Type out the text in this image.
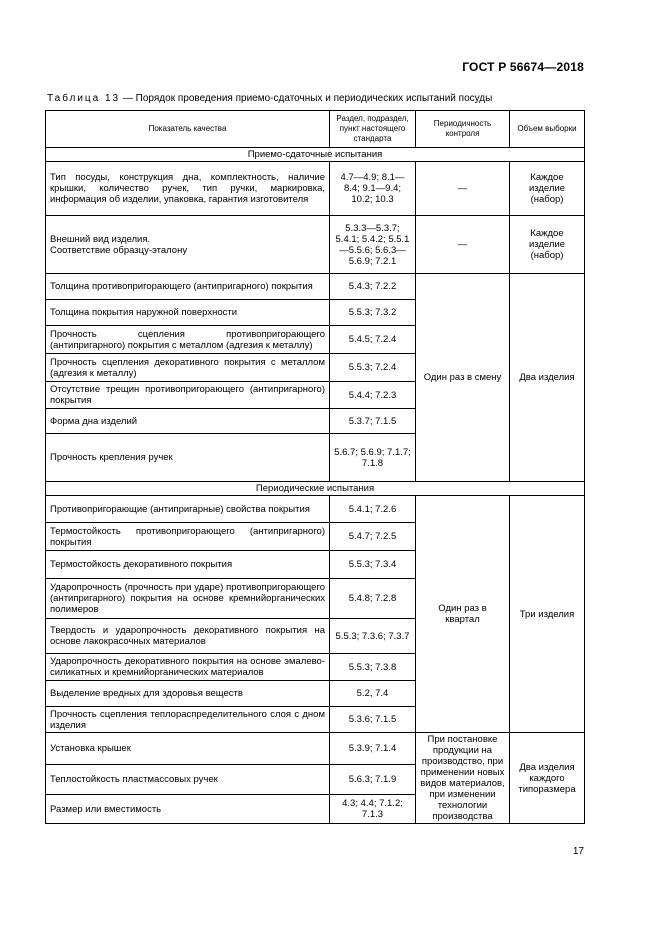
ГОСТ Р 56674—2018
Таблица 13 — Порядок проведения приемо-сдаточных и периодических испытаний посуды
Показатель качества	Раздел, подраздел, пункт настоящего стандарта	Периодичность контроля	Объем выборки
Приемо-сдаточные испытания			
Тип посуды, конструкция дна, комплектность, наличие крышки, количество ручек, тип ручки, маркировка, информация об изделии, упаковка, гарантия изготовителя	4.7—4.9; 8.1—8.4; 9.1—9.4; 10.2; 10.3	—	Каждое изделие (набор)
Внешний вид изделия.
Соответствие образцу-эталону	5.3.3—5.3.7; 5.4.1; 5.4.2; 5.5.1—5.5.6; 5.6.3—5.6.9; 7.2.1	—	Каждое изделие (набор)
Толщина противопригорающего (антипригарного) покрытия	5.4.3; 7.2.2	Один раз в смену	Два изделия
Толщина покрытия наружной поверхности	5.5.3; 7.3.2		
Прочность сцепления противопригорающего (антипригарного) покрытия с металлом (адгезия к металлу)	5.4.5; 7.2.4		
Прочность сцепления декоративного покрытия с металлом (адгезия к металлу)	5.5.3; 7.2.4		
Отсутствие трещин противопригорающего (антипригарного) покрытия	5.4.4; 7.2.3		
Форма дна изделий	5.3.7; 7.1.5		
Прочность крепления ручек	5.6.7; 5.6.9; 7.1.7; 7.1.8		
Периодические испытания			
Противопригорающие (антипригарные) свойства покрытия	5.4.1; 7.2.6	Один раз в квартал	Три изделия
Термостойкость противопригорающего (антипригарного) покрытия	5.4.7; 7.2.5		
Термостойкость декоративного покрытия	5.5.3; 7.3.4		
Ударопрочность (прочность при ударе) противопригорающего (антипригарного) покрытия на основе кремнийорганических полимеров	5.4.8; 7.2.8		
Твердость и ударопрочность декоративного покрытия на основе лакокрасочных материалов	5.5.3; 7.3.6; 7.3.7		
Ударопрочность декоративного покрытия на основе эмалево-силикатных и кремнийорганических материалов	5.5.3; 7.3.8		
Выделение вредных для здоровья веществ	5.2, 7.4		
Прочность сцепления теплораспределительного слоя с дном изделия	5.3.6; 7.1.5		
Установка крышек	5.3.9; 7.1.4	При постановке продукции на производство, при применении новых видов материалов, при изменении технологии производства	Два изделия каждого типоразмера
Теплостойкость пластмассовых ручек	5.6.3; 7.1.9		
Размер или вместимость	4.3; 4.4; 7.1.2; 7.1.3		
17
